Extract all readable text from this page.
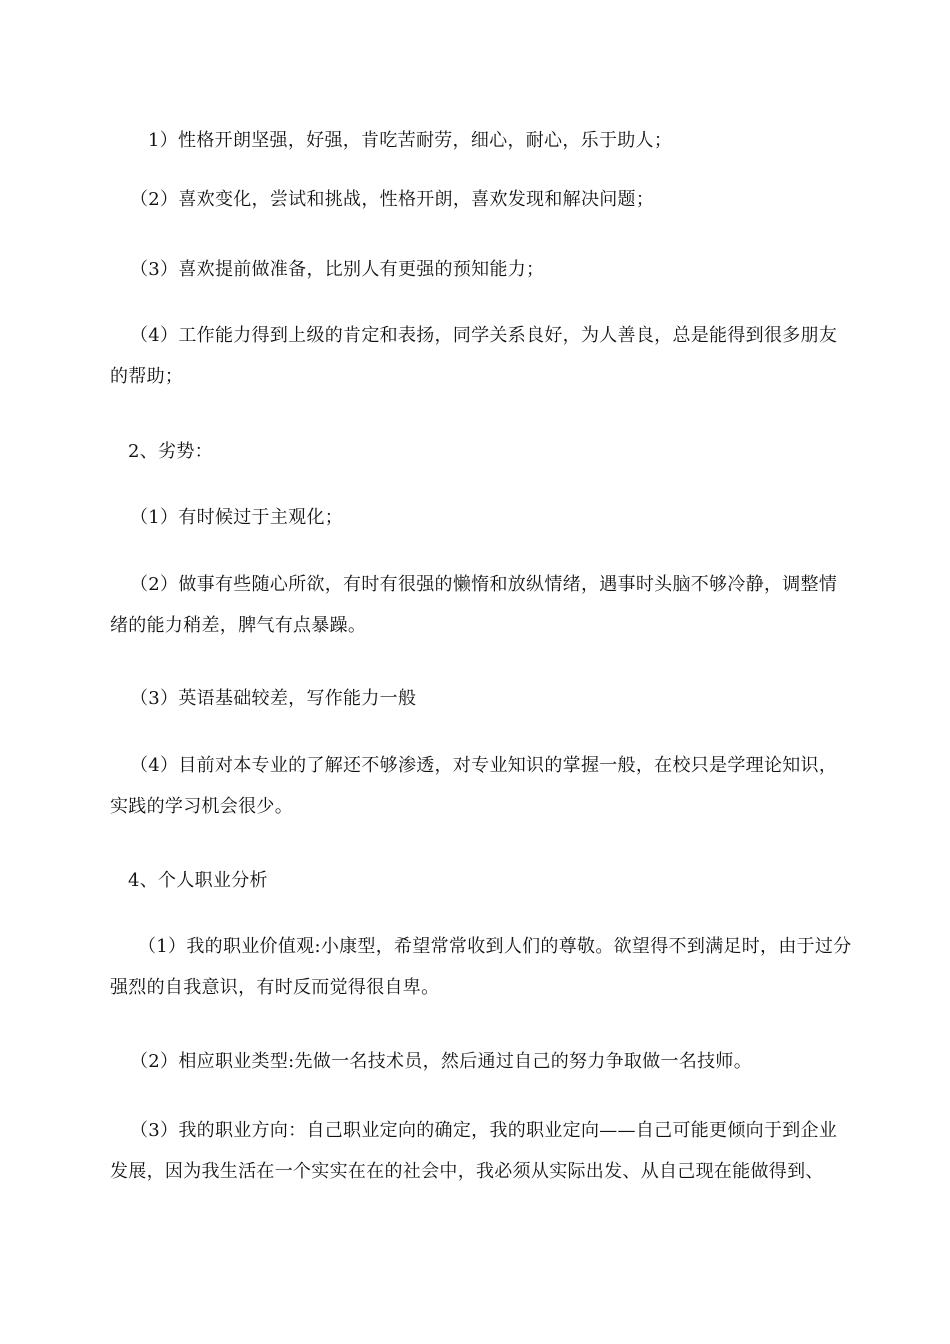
1）性格开朗坚强，好强，肯吃苦耐劳，细心，耐心，乐于助人；

（2）喜欢变化，尝试和挑战，性格开朗，喜欢发现和解决问题；

（3）喜欢提前做准备，比别人有更强的预知能力；

（4）工作能力得到上级的肯定和表扬，同学关系良好，为人善良，总是能得到很多朋友的帮助；

2、劣势：

（1）有时候过于主观化；

（2）做事有些随心所欲，有时有很强的懒惰和放纵情绪，遇事时头脑不够冷静，调整情绪的能力稍差，脾气有点暴躁。

（3）英语基础较差，写作能力一般

（4）目前对本专业的了解还不够渗透，对专业知识的掌握一般，在校只是学理论知识，实践的学习机会很少。

4、个人职业分析

（1）我的职业价值观:小康型，希望常常收到人们的尊敬。欲望得不到满足时，由于过分强烈的自我意识，有时反而觉得很自卑。

（2）相应职业类型:先做一名技术员，然后通过自己的努力争取做一名技师。

（3）我的职业方向：自己职业定向的确定，我的职业定向——自己可能更倾向于到企业发展，因为我生活在一个实实在在的社会中，我必须从实际出发、从自己现在能做得到、
